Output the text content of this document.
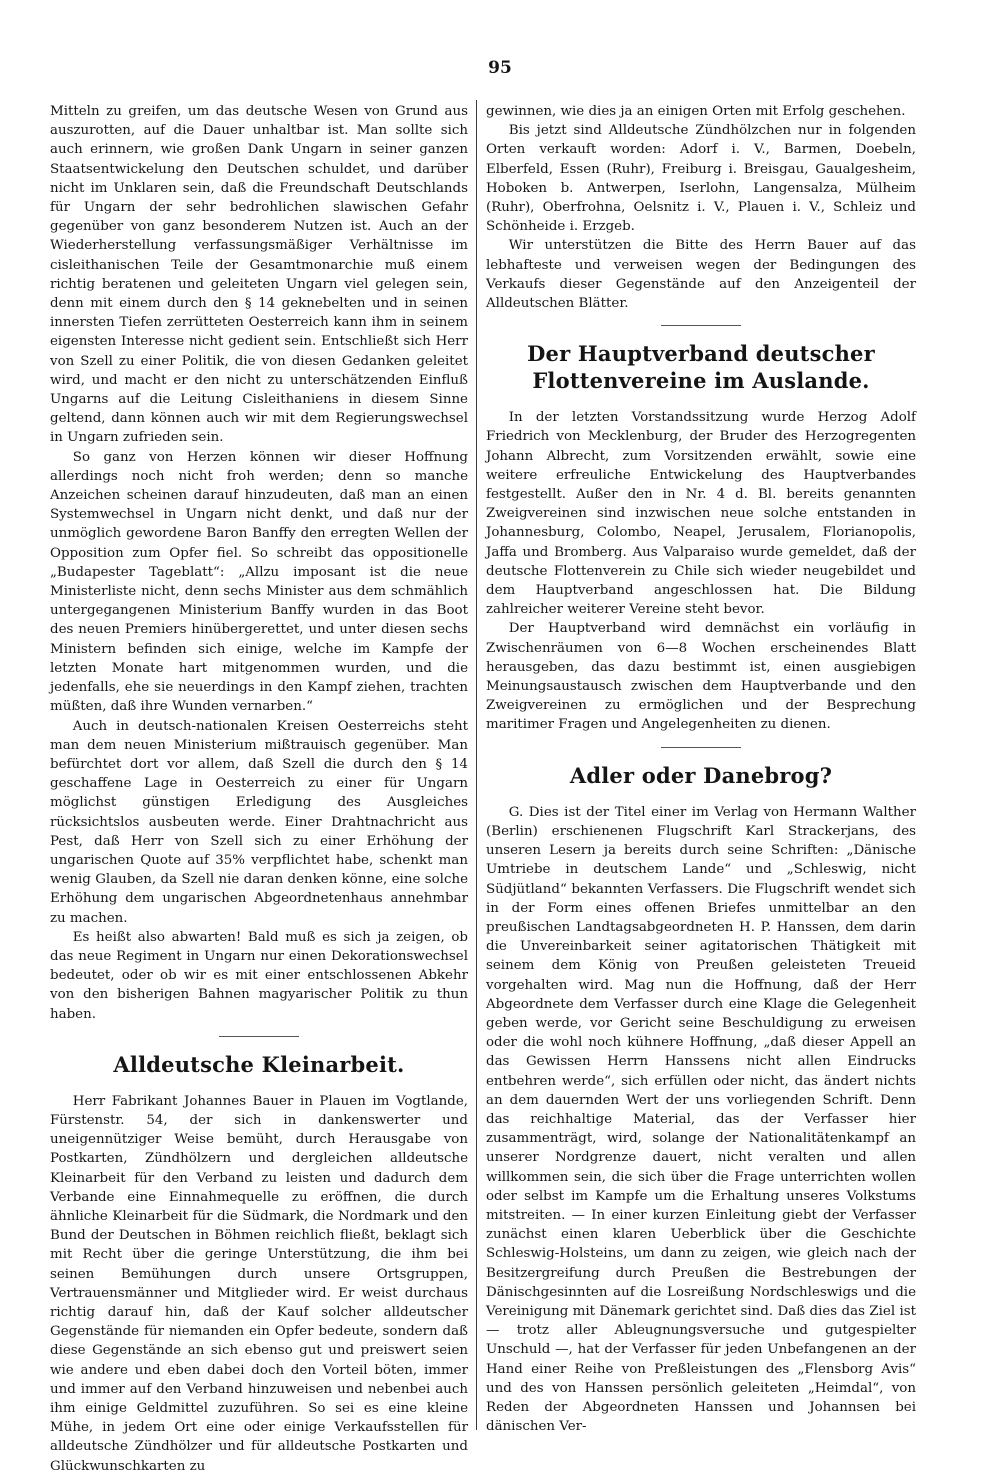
95

Mitteln zu greifen, um das deutsche Wesen von Grund aus auszurotten, auf die Dauer unhaltbar ist. Man sollte sich auch erinnern, wie großen Dank Ungarn in seiner ganzen Staatsentwickelung den Deutschen schuldet, und darüber nicht im Unklaren sein, daß die Freundschaft Deutschlands für Ungarn der sehr bedrohlichen slawischen Gefahr gegenüber von ganz besonderem Nutzen ist. Auch an der Wiederherstellung verfassungsmäßiger Verhältnisse im cisleithanischen Teile der Gesamtmonarchie muß einem richtig beratenen und geleiteten Ungarn viel gelegen sein, denn mit einem durch den § 14 geknebelten und in seinen innersten Tiefen zerrütteten Oesterreich kann ihm in seinem eigensten Interesse nicht gedient sein. Entschließt sich Herr von Szell zu einer Politik, die von diesen Gedanken geleitet wird, und macht er den nicht zu unterschätzenden Einfluß Ungarns auf die Leitung Cisleithaniens in diesem Sinne geltend, dann können auch wir mit dem Regierungswechsel in Ungarn zufrieden sein.

So ganz von Herzen können wir dieser Hoffnung allerdings noch nicht froh werden; denn so manche Anzeichen scheinen darauf hinzudeuten, daß man an einen Systemwechsel in Ungarn nicht denkt, und daß nur der unmöglich gewordene Baron Banffy den erregten Wellen der Opposition zum Opfer fiel. So schreibt das oppositionelle „Budapester Tageblatt“: „Allzu imposant ist die neue Ministerliste nicht, denn sechs Minister aus dem schmählich untergegangenen Ministerium Banffy wurden in das Boot des neuen Premiers hinübergerettet, und unter diesen sechs Ministern befinden sich einige, welche im Kampfe der letzten Monate hart mitgenommen wurden, und die jedenfalls, ehe sie neuerdings in den Kampf ziehen, trachten müßten, daß ihre Wunden vernarben.“

Auch in deutsch-nationalen Kreisen Oesterreichs steht man dem neuen Ministerium mißtrauisch gegenüber. Man befürchtet dort vor allem, daß Szell die durch den § 14 geschaffene Lage in Oesterreich zu einer für Ungarn möglichst günstigen Erledigung des Ausgleiches rücksichtslos ausbeuten werde. Einer Drahtnachricht aus Pest, daß Herr von Szell sich zu einer Erhöhung der ungarischen Quote auf 35% verpflichtet habe, schenkt man wenig Glauben, da Szell nie daran denken könne, eine solche Erhöhung dem ungarischen Abgeordnetenhaus annehmbar zu machen.

Es heißt also abwarten! Bald muß es sich ja zeigen, ob das neue Regiment in Ungarn nur einen Dekorationswechsel bedeutet, oder ob wir es mit einer entschlossenen Abkehr von den bisherigen Bahnen magyarischer Politik zu thun haben.

Alldeutsche Kleinarbeit.

Herr Fabrikant Johannes Bauer in Plauen im Vogtlande, Fürstenstr. 54, der sich in dankenswerter und uneigennütziger Weise bemüht, durch Herausgabe von Postkarten, Zündhölzern und dergleichen alldeutsche Kleinarbeit für den Verband zu leisten und dadurch dem Verbande eine Einnahmequelle zu eröffnen, die durch ähnliche Kleinarbeit für die Südmark, die Nordmark und den Bund der Deutschen in Böhmen reichlich fließt, beklagt sich mit Recht über die geringe Unterstützung, die ihm bei seinen Bemühungen durch unsere Ortsgruppen, Vertrauensmänner und Mitglieder wird. Er weist durchaus richtig darauf hin, daß der Kauf solcher alldeutscher Gegenstände für niemanden ein Opfer bedeute, sondern daß diese Gegenstände an sich ebenso gut und preiswert seien wie andere und eben dabei doch den Vorteil böten, immer und immer auf den Verband hinzuweisen und nebenbei auch ihm einige Geldmittel zuzuführen. So sei es eine kleine Mühe, in jedem Ort eine oder einige Verkaufsstellen für alldeutsche Zündhölzer und für alldeutsche Postkarten und Glückwunschkarten zu

gewinnen, wie dies ja an einigen Orten mit Erfolg geschehen.

Bis jetzt sind Alldeutsche Zündhölzchen nur in folgenden Orten verkauft worden: Adorf i. V., Barmen, Doebeln, Elberfeld, Essen (Ruhr), Freiburg i. Breisgau, Gaualgesheim, Hoboken b. Antwerpen, Iserlohn, Langensalza, Mülheim (Ruhr), Oberfrohna, Oelsnitz i. V., Plauen i. V., Schleiz und Schönheide i. Erzgeb.

Wir unterstützen die Bitte des Herrn Bauer auf das lebhafteste und verweisen wegen der Bedingungen des Verkaufs dieser Gegenstände auf den Anzeigenteil der Alldeutschen Blätter.

Der Hauptverband deutscher Flottenvereine im Auslande.

In der letzten Vorstandssitzung wurde Herzog Adolf Friedrich von Mecklenburg, der Bruder des Herzogregenten Johann Albrecht, zum Vorsitzenden erwählt, sowie eine weitere erfreuliche Entwickelung des Hauptverbandes festgestellt. Außer den in Nr. 4 d. Bl. bereits genannten Zweigvereinen sind inzwischen neue solche entstanden in Johannesburg, Colombo, Neapel, Jerusalem, Florianopolis, Jaffa und Bromberg. Aus Valparaiso wurde gemeldet, daß der deutsche Flottenverein zu Chile sich wieder neugebildet und dem Hauptverband angeschlossen hat. Die Bildung zahlreicher weiterer Vereine steht bevor.

Der Hauptverband wird demnächst ein vorläufig in Zwischenräumen von 6—8 Wochen erscheinendes Blatt herausgeben, das dazu bestimmt ist, einen ausgiebigen Meinungsaustausch zwischen dem Hauptverbande und den Zweigvereinen zu ermöglichen und der Besprechung maritimer Fragen und Angelegenheiten zu dienen.

Adler oder Danebrog?

G. Dies ist der Titel einer im Verlag von Hermann Walther (Berlin) erschienenen Flugschrift Karl Strackerjans, des unseren Lesern ja bereits durch seine Schriften: „Dänische Umtriebe in deutschem Lande“ und „Schleswig, nicht Südjütland“ bekannten Verfassers. Die Flugschrift wendet sich in der Form eines offenen Briefes unmittelbar an den preußischen Landtagsabgeordneten H. P. Hanssen, dem darin die Unvereinbarkeit seiner agitatorischen Thätigkeit mit seinem dem König von Preußen geleisteten Treueid vorgehalten wird. Mag nun die Hoffnung, daß der Herr Abgeordnete dem Verfasser durch eine Klage die Gelegenheit geben werde, vor Gericht seine Beschuldigung zu erweisen oder die wohl noch kühnere Hoffnung, „daß dieser Appell an das Gewissen Herrn Hanssens nicht allen Eindrucks entbehren werde“, sich erfüllen oder nicht, das ändert nichts an dem dauernden Wert der uns vorliegenden Schrift. Denn das reichhaltige Material, das der Verfasser hier zusammenträgt, wird, solange der Nationalitätenkampf an unserer Nordgrenze dauert, nicht veralten und allen willkommen sein, die sich über die Frage unterrichten wollen oder selbst im Kampfe um die Erhaltung unseres Volkstums mitstreiten. — In einer kurzen Einleitung giebt der Verfasser zunächst einen klaren Ueberblick über die Geschichte Schleswig-Holsteins, um dann zu zeigen, wie gleich nach der Besitzergreifung durch Preußen die Bestrebungen der Dänischgesinnten auf die Losreißung Nordschleswigs und die Vereinigung mit Dänemark gerichtet sind. Daß dies das Ziel ist — trotz aller Ableugnungsversuche und gutgespielter Unschuld —, hat der Verfasser für jeden Unbefangenen an der Hand einer Reihe von Preßleistungen des „Flensborg Avis“ und des von Hanssen persönlich geleiteten „Heimdal“, von Reden der Abgeordneten Hanssen und Johannsen bei dänischen Ver-
